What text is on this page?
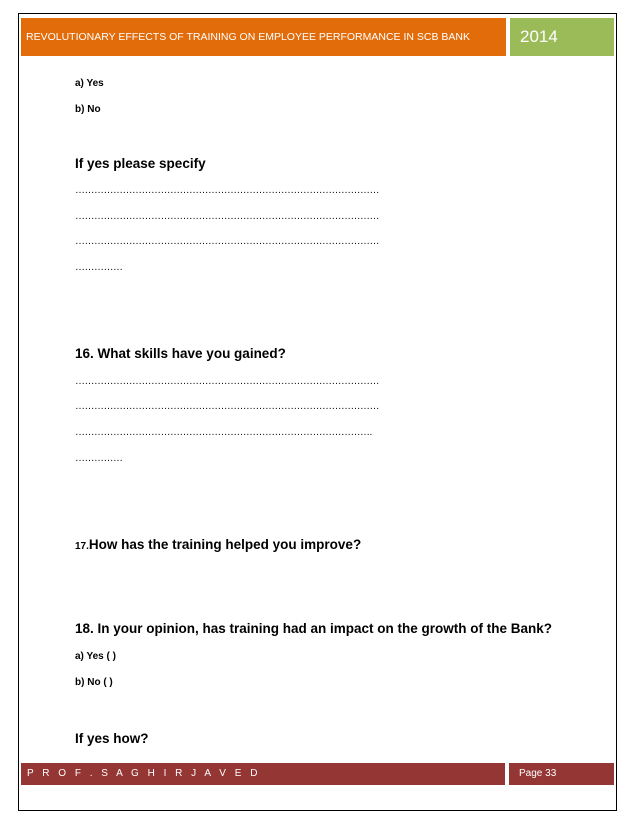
REVOLUTIONARY EFFECTS OF TRAINING ON EMPLOYEE PERFORMANCE IN SCB BANK	2014
a) Yes
b) No
If yes please specify
……………………………………………………………………………………
……………………………………………………………………………………
……………………………………………………………………………………
……………
16. What skills have you gained?
……………………………………………………………………………………
……………………………………………………………………………………
………………………………………………………………………………….
……………
17.How has the training helped you improve?
18. In your opinion, has training had an impact on the growth of the Bank?
a) Yes ( )
b) No ( )
If yes how?
P R O F . S A G H I R J A V E D	Page 33
